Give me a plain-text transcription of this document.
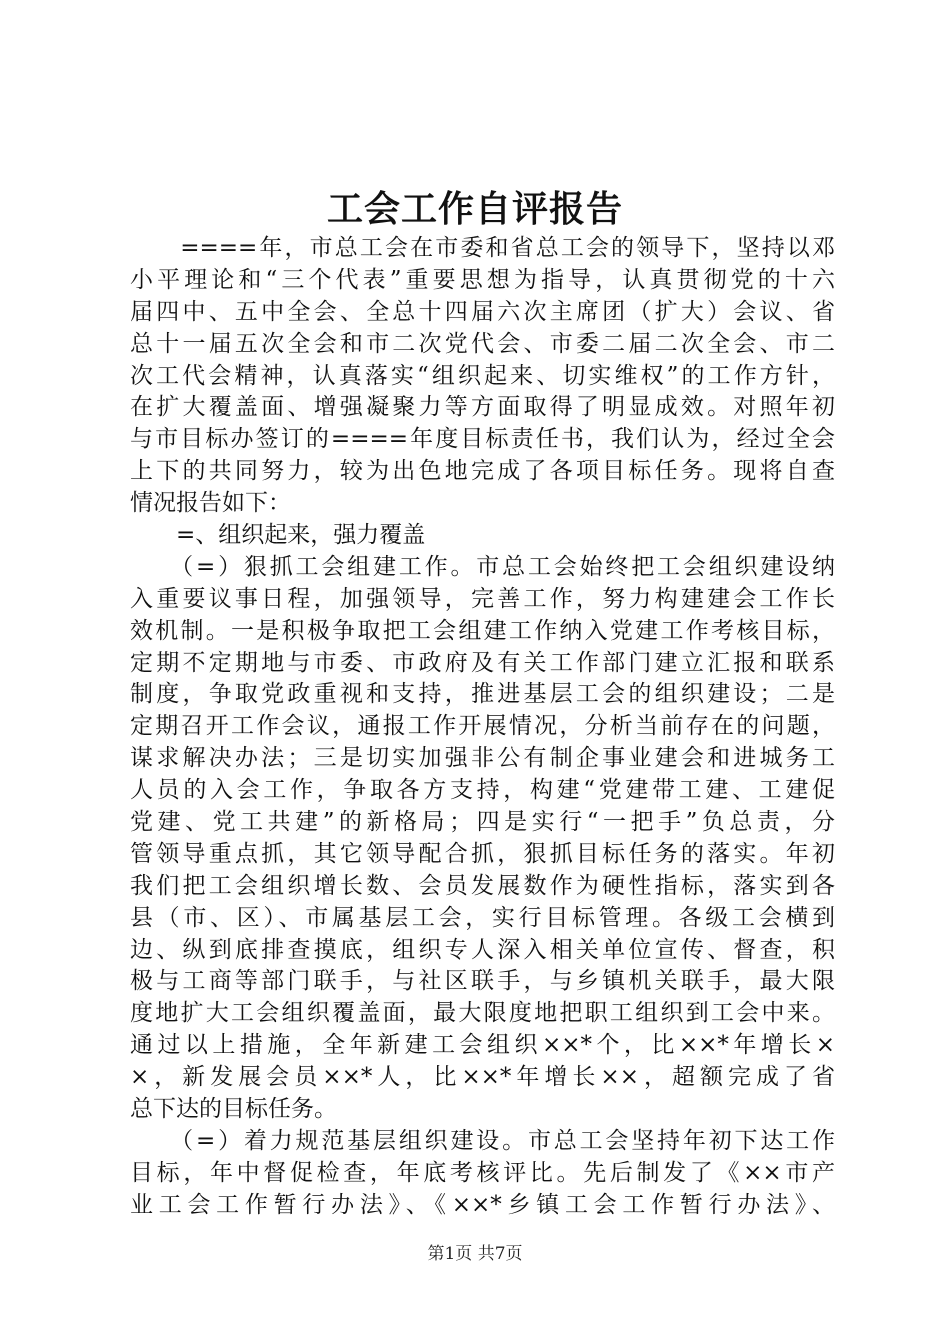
工会工作自评报告
　　====年，市总工会在市委和省总工会的领导下，坚持以邓
小平理论和“三个代表”重要思想为指导，认真贯彻党的十六
届四中、五中全会、全总十四届六次主席团（扩大）会议、省
总十一届五次全会和市二次党代会、市委二届二次全会、市二
次工代会精神，认真落实“组织起来、切实维权”的工作方针，
在扩大覆盖面、增强凝聚力等方面取得了明显成效。对照年初
与市目标办签订的====年度目标责任书，我们认为，经过全会
上下的共同努力，较为出色地完成了各项目标任务。现将自查
情况报告如下：
　　=、组织起来，强力覆盖
　　（=）狠抓工会组建工作。市总工会始终把工会组织建设纳
入重要议事日程，加强领导，完善工作，努力构建建会工作长
效机制。一是积极争取把工会组建工作纳入党建工作考核目标，
定期不定期地与市委、市政府及有关工作部门建立汇报和联系
制度，争取党政重视和支持，推进基层工会的组织建设；二是
定期召开工作会议，通报工作开展情况，分析当前存在的问题，
谋求解决办法；三是切实加强非公有制企事业建会和进城务工
人员的入会工作，争取各方支持，构建“党建带工建、工建促
党建、党工共建”的新格局；四是实行“一把手”负总责，分
管领导重点抓，其它领导配合抓，狠抓目标任务的落实。年初
我们把工会组织增长数、会员发展数作为硬性指标，落实到各
县（市、区）、市属基层工会，实行目标管理。各级工会横到
边、纵到底排查摸底，组织专人深入相关单位宣传、督查，积
极与工商等部门联手，与社区联手，与乡镇机关联手，最大限
度地扩大工会组织覆盖面，最大限度地把职工组织到工会中来。
通过以上措施，全年新建工会组织××*个，比××*年增长×
×，新发展会员××*人，比××*年增长××，超额完成了省
总下达的目标任务。
　　（=）着力规范基层组织建设。市总工会坚持年初下达工作
目标，年中督促检查，年底考核评比。先后制发了《××市产
业工会工作暂行办法》、《××*乡镇工会工作暂行办法》、
第1页 共7页
